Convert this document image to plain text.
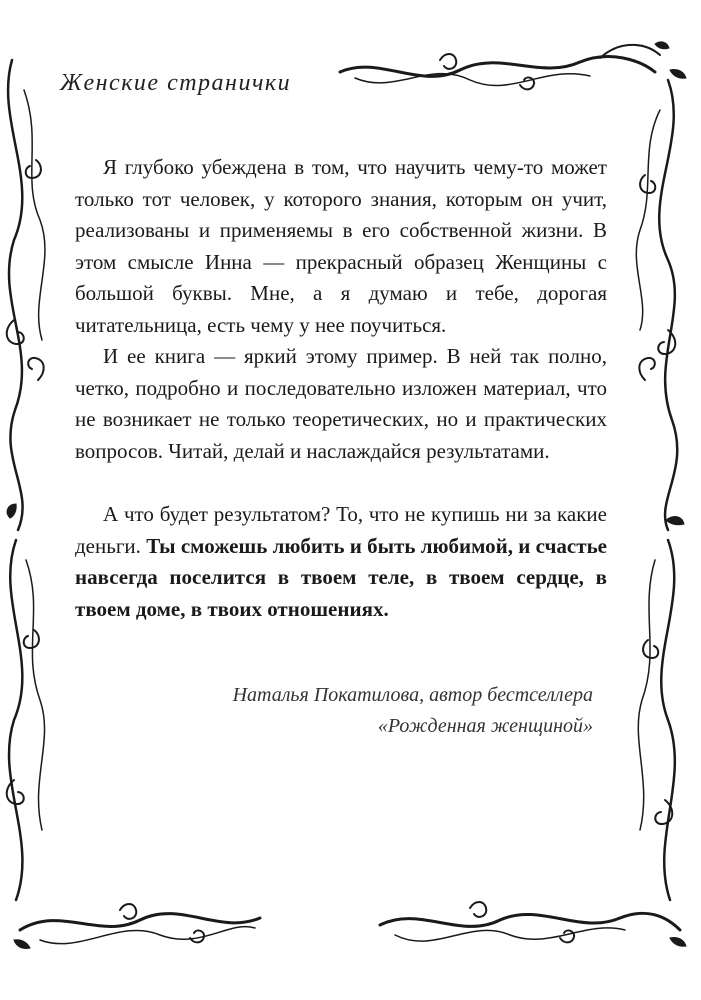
Женские странички

Я глубоко убеждена в том, что научить чему-то может только тот человек, у которого знания, которым он учит, реализованы и применяемы в его собственной жизни. В этом смысле Инна — прекрасный образец Женщины с большой буквы. Мне, а я думаю и тебе, дорогая читательница, есть чему у нее поучиться.

И ее книга — яркий этому пример. В ней так полно, четко, подробно и последовательно изложен материал, что не возникает не только теоретических, но и практических вопросов. Читай, делай и наслаждайся результатами.

А что будет результатом? То, что не купишь ни за какие деньги. Ты сможешь любить и быть любимой, и счастье навсегда поселится в твоем теле, в твоем сердце, в твоем доме, в твоих отношениях.

Наталья Покатилова, автор бестселлера
«Рожденная женщиной»
